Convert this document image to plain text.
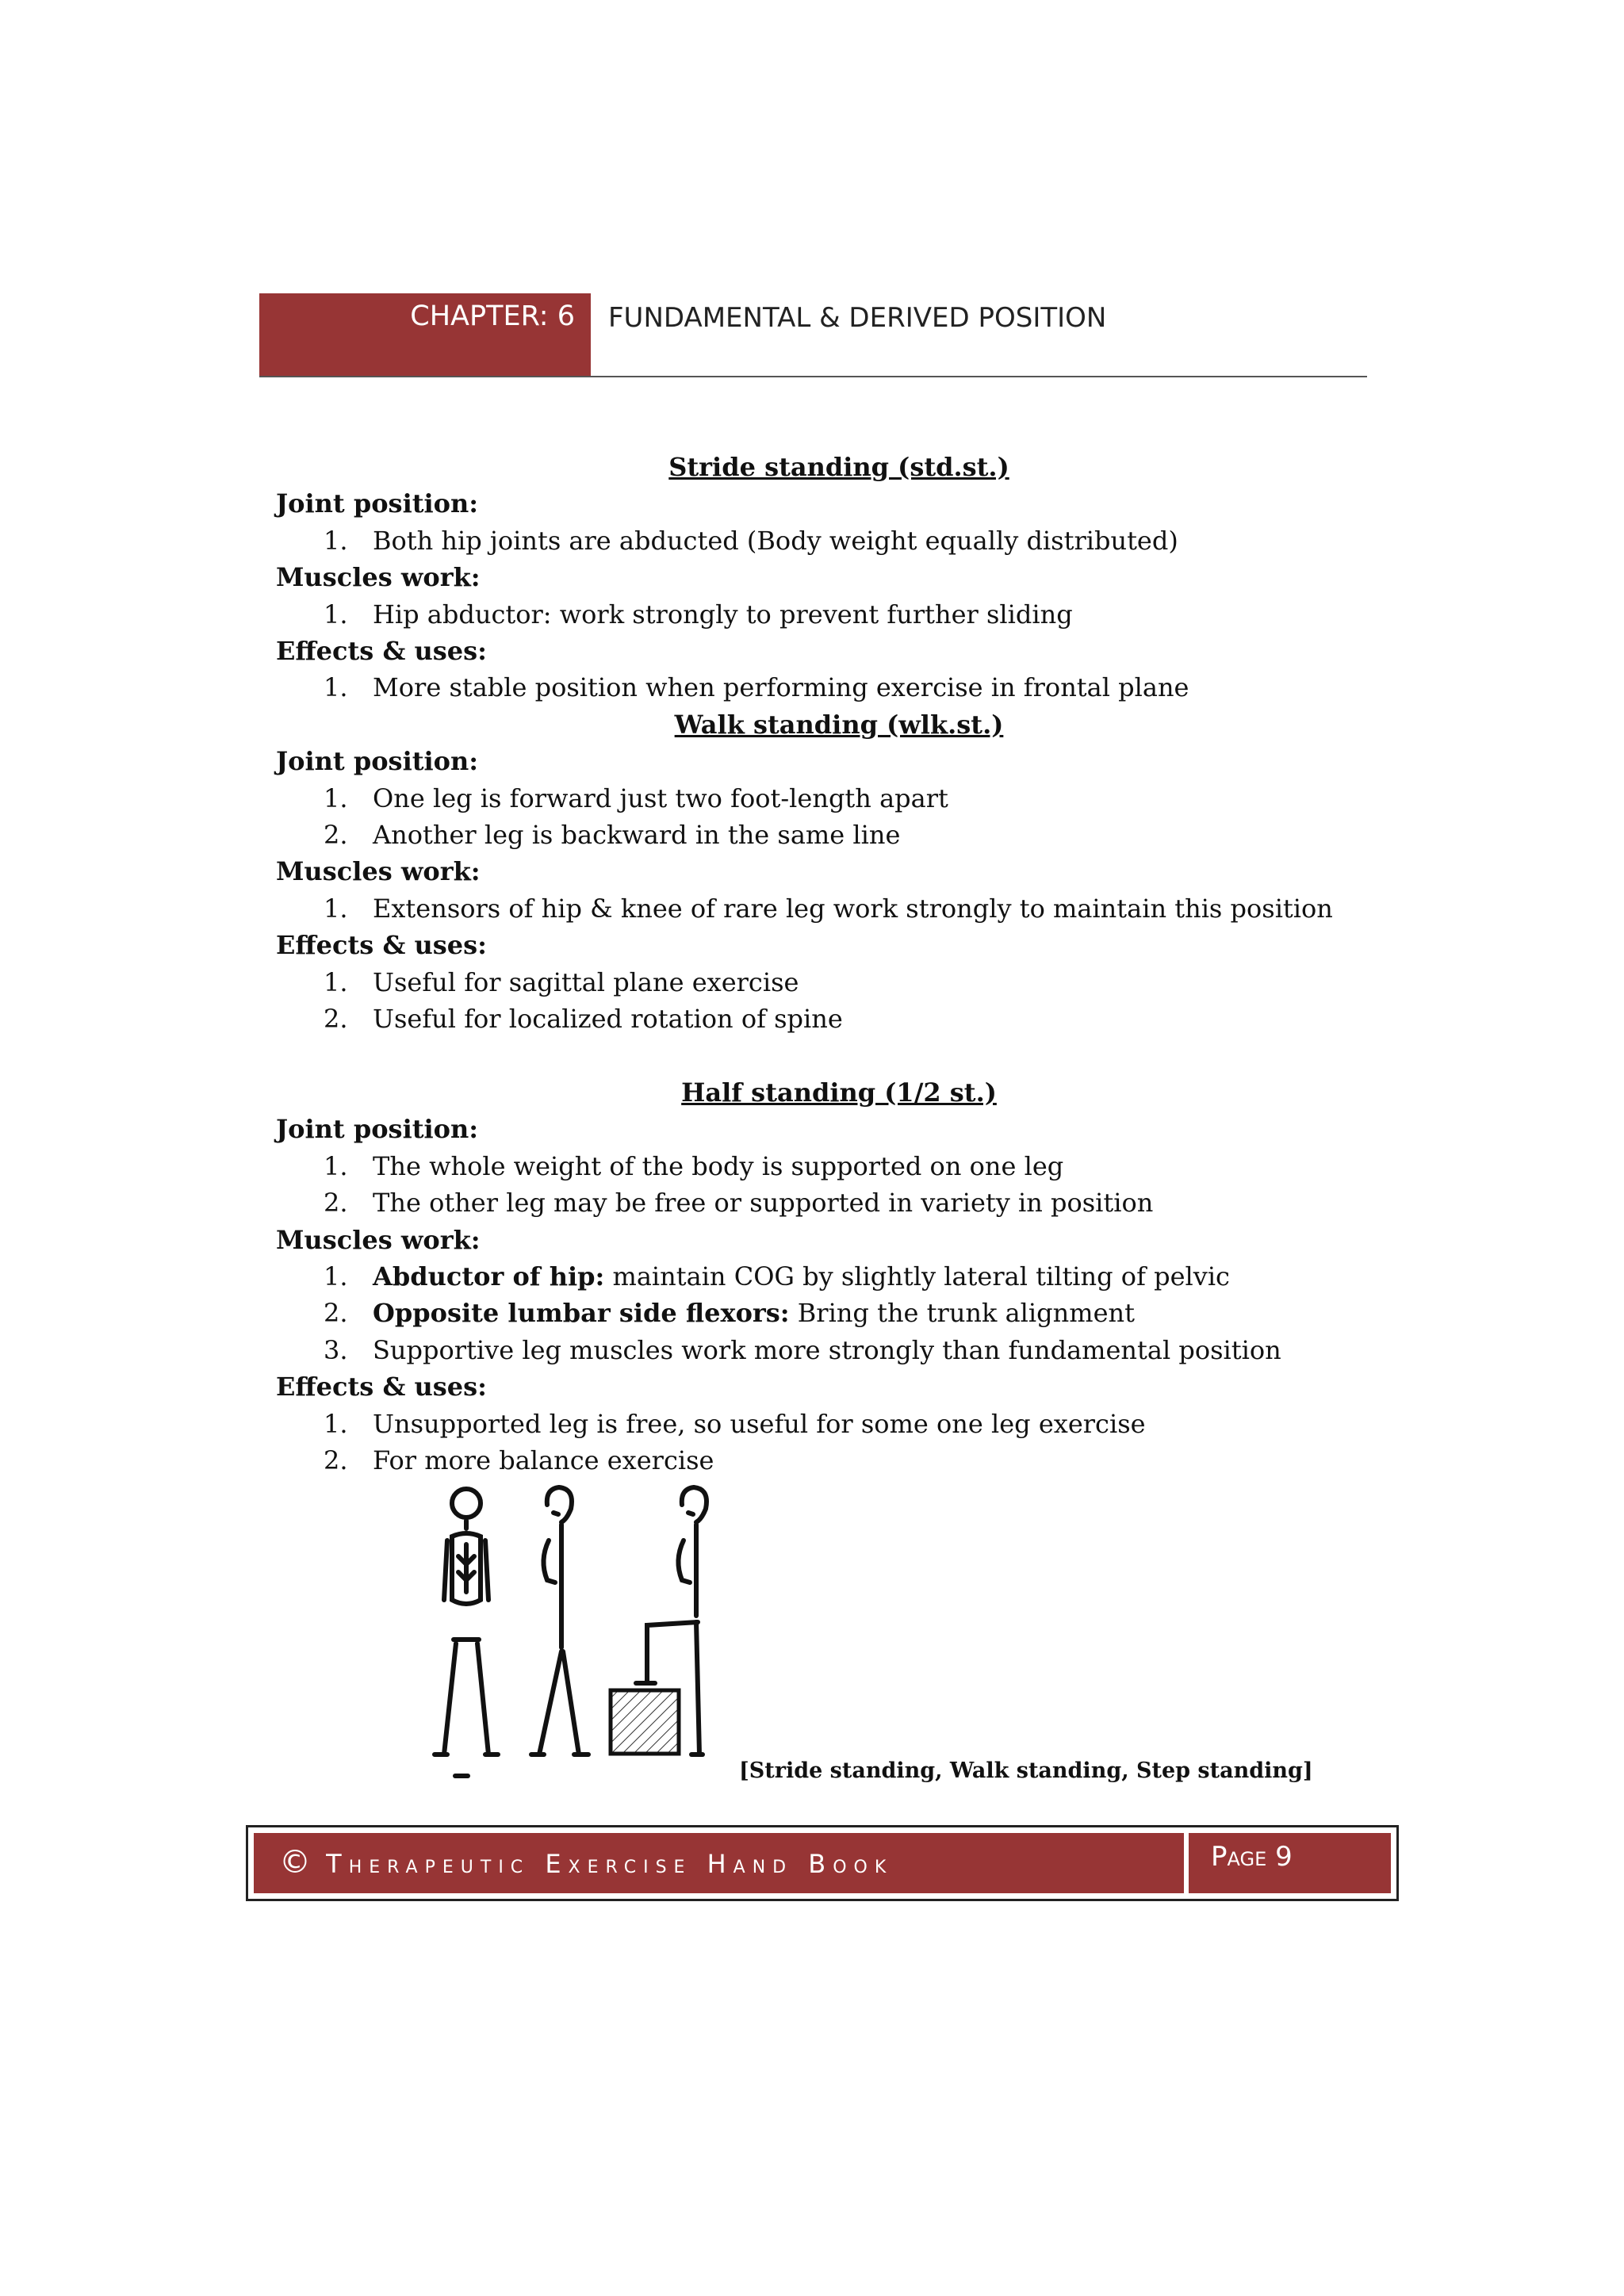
CHAPTER: 6	FUNDAMENTAL & DERIVED POSITION

Stride standing (std.st.)

Joint position:

1. Both hip joints are abducted (Body weight equally distributed)

Muscles work:

1. Hip abductor: work strongly to prevent further sliding

Effects & uses:

1. More stable position when performing exercise in frontal plane

Walk standing (wlk.st.)

Joint position:

1. One leg is forward just two foot-length apart

2. Another leg is backward in the same line

Muscles work:

1. Extensors of hip & knee of rare leg work strongly to maintain this position

Effects & uses:

1. Useful for sagittal plane exercise

2. Useful for localized rotation of spine

Half standing (1/2 st.)

Joint position:

1. The whole weight of the body is supported on one leg

2. The other leg may be free or supported in variety in position

Muscles work:

1. Abductor of hip: maintain COG by slightly lateral tilting of pelvic

2. Opposite lumbar side flexors: Bring the trunk alignment

3. Supportive leg muscles work more strongly than fundamental position

Effects & uses:

1. Unsupported leg is free, so useful for some one leg exercise

2. For more balance exercise

[Stride standing, Walk standing, Step standing]
© Therapeutic Exercise Hand Book	Page 9
